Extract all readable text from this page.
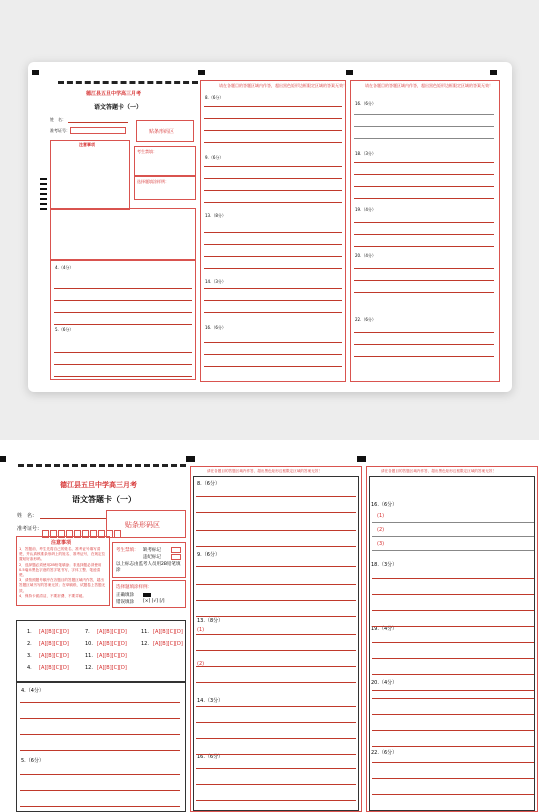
德江县五旦中学高三月考
语文答题卡（一）
姓　名：
准考证号：	贴条形码区
注意事项
考生禁填：
选择题填涂样例：
4.（4分）
5.（6分）
请在各题目的答题区域内作答，超出黑色矩形边框限定区域的答案无效！
8.（6分）
9.（6分）
13.（8分）
14.（3分）
16.（6分）
请在各题目的答题区域内作答，超出黑色矩形边框限定区域的答案无效！
16.（6分）
18.（3分）
19.（4分）
20.（4分）
22.（6分）
德江县五旦中学高三月考
语文答题卡（一）
姓　名：
准考证号：	贴条形码区
注意事项
1．答题前，考生先将自己的姓名、准考证号填写清楚，并认真核准条形码上的姓名、准考证号，在规定位置贴好条形码。
2．选择题必须使用2B铅笔填涂；非选择题必须使用0.5毫米黑色字迹的签字笔书写，字体工整、笔迹清楚。
3．请按照题号顺序在各题目的答题区域内作答，超出答题区域书写的答案无效；在草稿纸、试题卷上答题无效。
4．保持卡面清洁，不要折叠、不要弄破。
考生禁填： 缺考标记
违纪标记
以上标志由监考人员用2B铅笔填涂
选择题填涂样例：
正确填涂
错误填涂 [×] [√] [/]
1. [A][B][C][D]	7. [A][B][C][D]	11. [A][B][C][D]
2. [A][B][C][D]	10. [A][B][C][D]	12. [A][B][C][D]
3. [A][B][C][D]	11. [A][B][C][D]
4. [A][B][C][D]	12. [A][B][C][D]
4.（4分）
5.（6分）
请在各题目的答题区域内作答，超出黑色矩形边框限定区域的答案无效！
8.（6分）
9.（6分）
13.（8分）
(1)
(2)
14.（3分）
16.（6分）
请在各题目的答题区域内作答，超出黑色矩形边框限定区域的答案无效！
16.（6分）
(1)
(2)
(3)
18.（3分）
19.（4分）
20.（4分）
22.（6分）
